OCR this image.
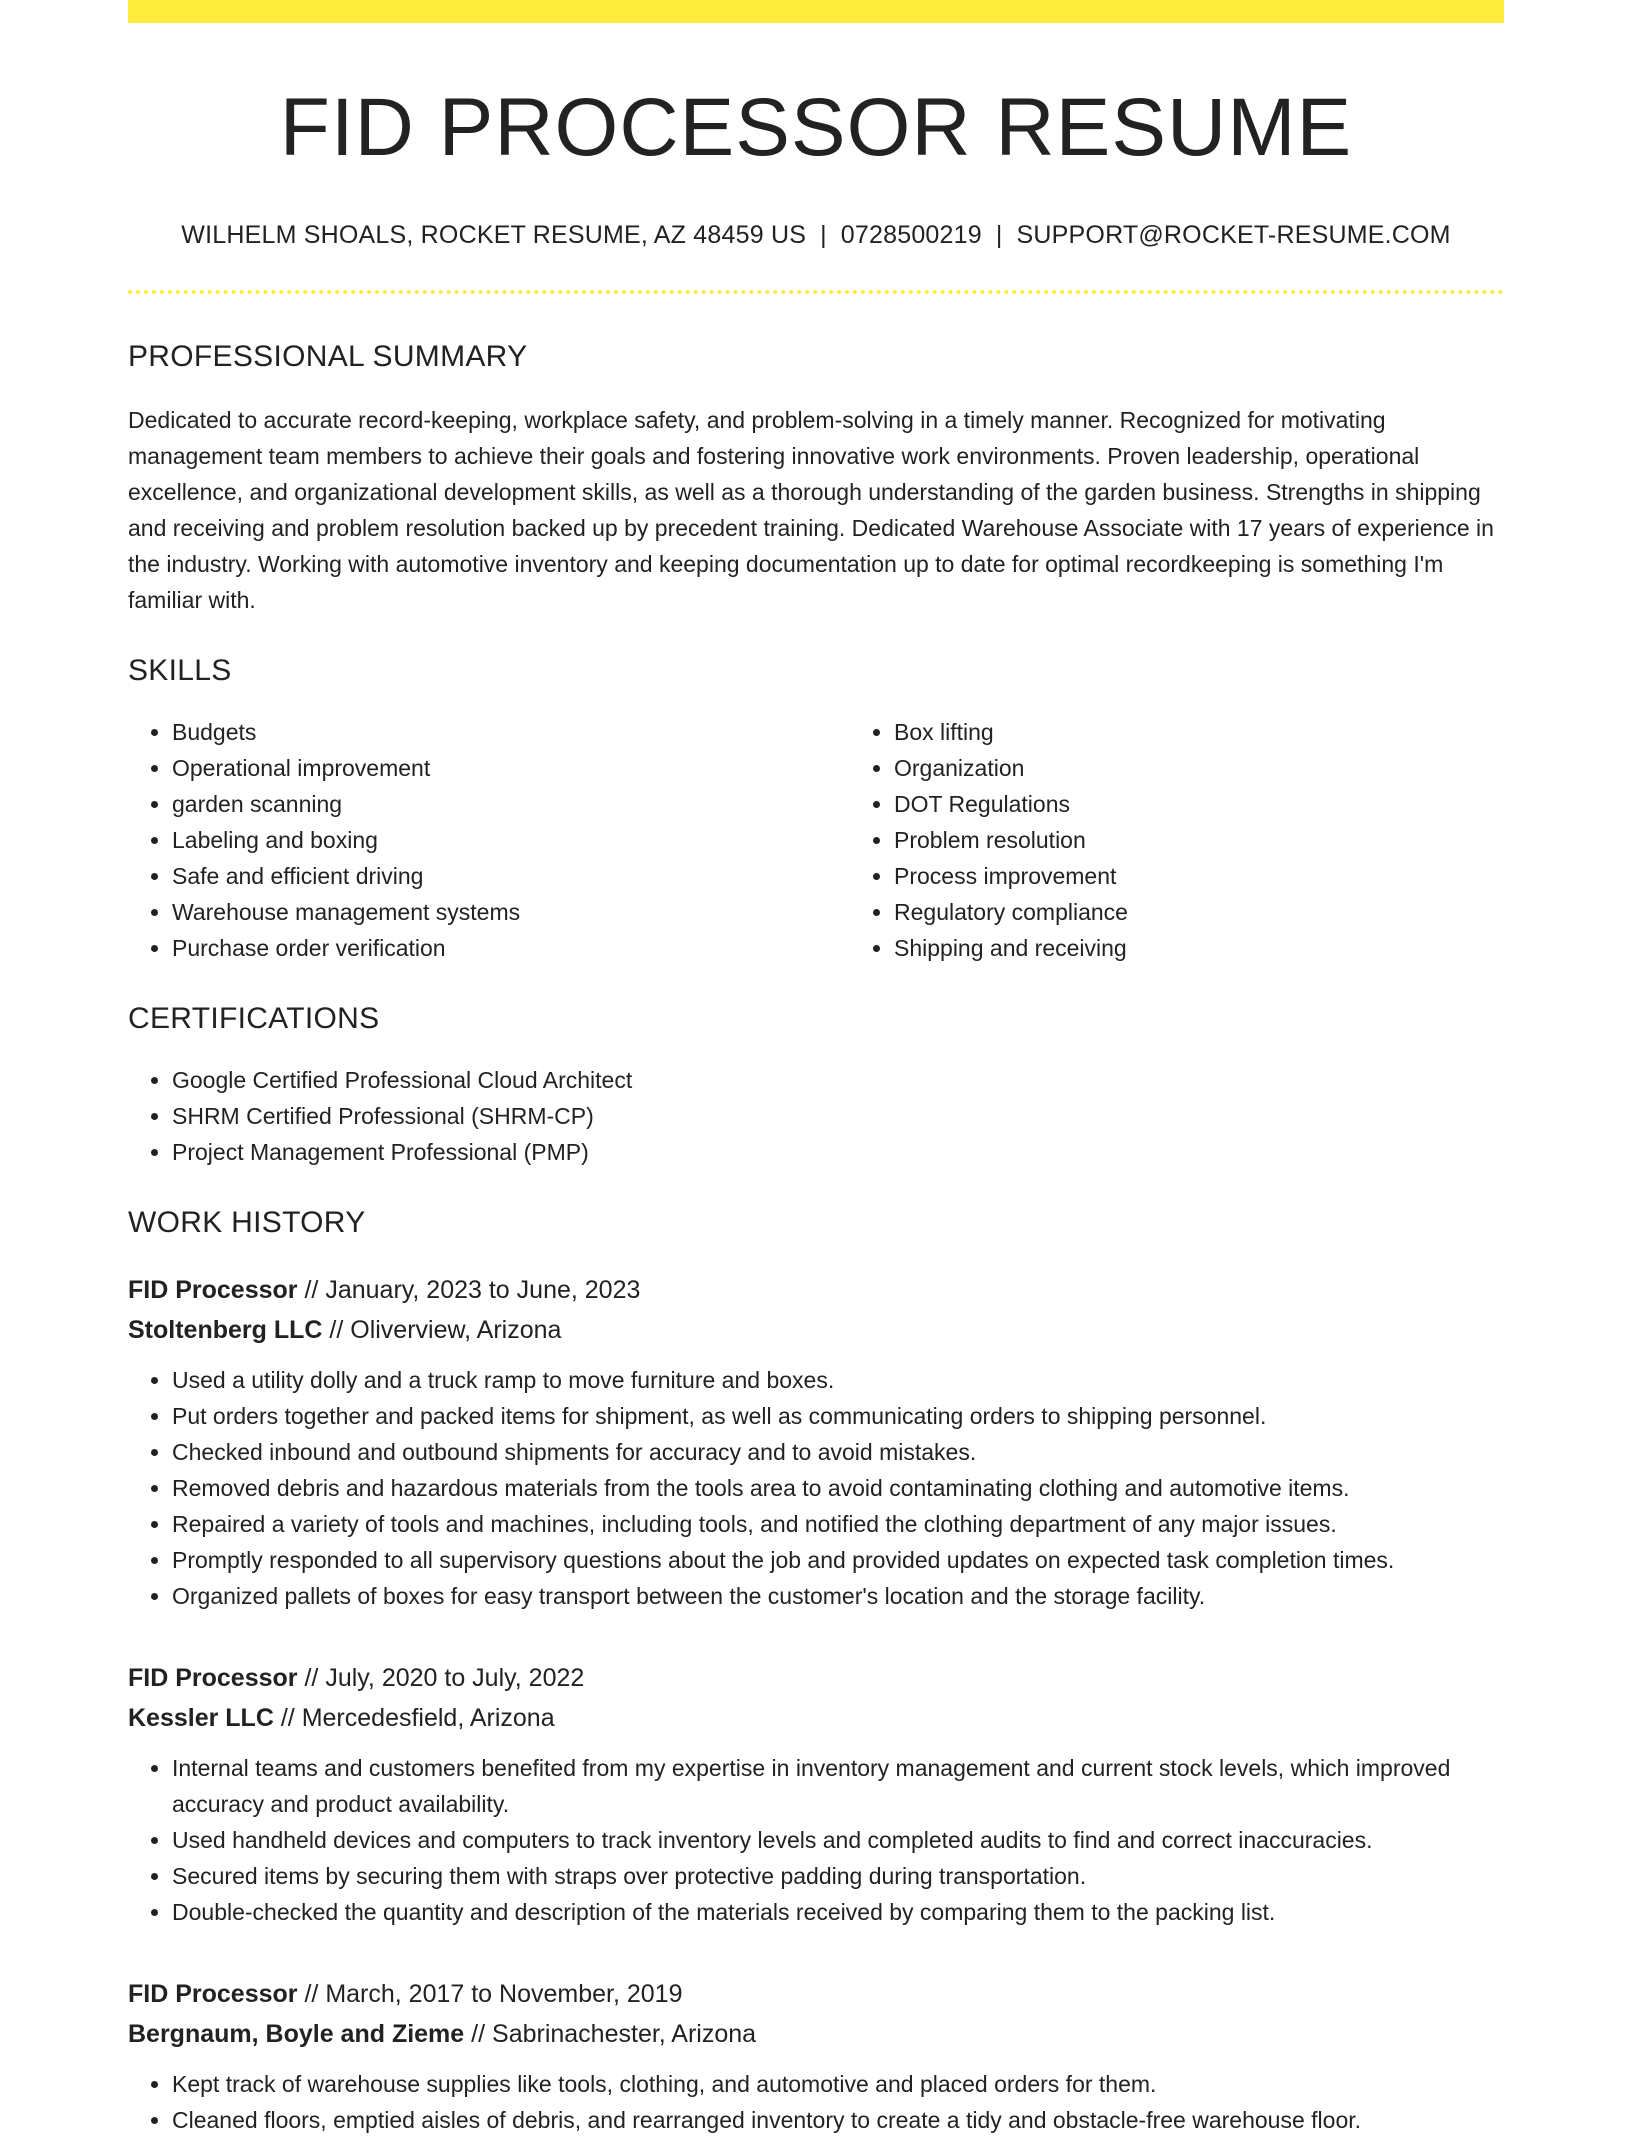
FID PROCESSOR RESUME
WILHELM SHOALS, ROCKET RESUME, AZ 48459 US | 0728500219 | SUPPORT@ROCKET-RESUME.COM
PROFESSIONAL SUMMARY

Dedicated to accurate record-keeping, workplace safety, and problem-solving in a timely manner. Recognized for motivating management team members to achieve their goals and fostering innovative work environments. Proven leadership, operational excellence, and organizational development skills, as well as a thorough understanding of the garden business. Strengths in shipping and receiving and problem resolution backed up by precedent training. Dedicated Warehouse Associate with 17 years of experience in the industry. Working with automotive inventory and keeping documentation up to date for optimal recordkeeping is something I'm familiar with.

SKILLS
• Budgets
• Operational improvement
• garden scanning
• Labeling and boxing
• Safe and efficient driving
• Warehouse management systems
• Purchase order verification
• Box lifting
• Organization
• DOT Regulations
• Problem resolution
• Process improvement
• Regulatory compliance
• Shipping and receiving
CERTIFICATIONS
• Google Certified Professional Cloud Architect
• SHRM Certified Professional (SHRM-CP)
• Project Management Professional (PMP)
WORK HISTORY
FID Processor // January, 2023 to June, 2023
Stoltenberg LLC // Oliverview, Arizona
• Used a utility dolly and a truck ramp to move furniture and boxes.
• Put orders together and packed items for shipment, as well as communicating orders to shipping personnel.
• Checked inbound and outbound shipments for accuracy and to avoid mistakes.
• Removed debris and hazardous materials from the tools area to avoid contaminating clothing and automotive items.
• Repaired a variety of tools and machines, including tools, and notified the clothing department of any major issues.
• Promptly responded to all supervisory questions about the job and provided updates on expected task completion times.
• Organized pallets of boxes for easy transport between the customer's location and the storage facility.
FID Processor // July, 2020 to July, 2022
Kessler LLC // Mercedesfield, Arizona
• Internal teams and customers benefited from my expertise in inventory management and current stock levels, which improved accuracy and product availability.
• Used handheld devices and computers to track inventory levels and completed audits to find and correct inaccuracies.
• Secured items by securing them with straps over protective padding during transportation.
• Double-checked the quantity and description of the materials received by comparing them to the packing list.
FID Processor // March, 2017 to November, 2019
Bergnaum, Boyle and Zieme // Sabrinachester, Arizona
• Kept track of warehouse supplies like tools, clothing, and automotive and placed orders for them.
• Cleaned floors, emptied aisles of debris, and rearranged inventory to create a tidy and obstacle-free warehouse floor.
